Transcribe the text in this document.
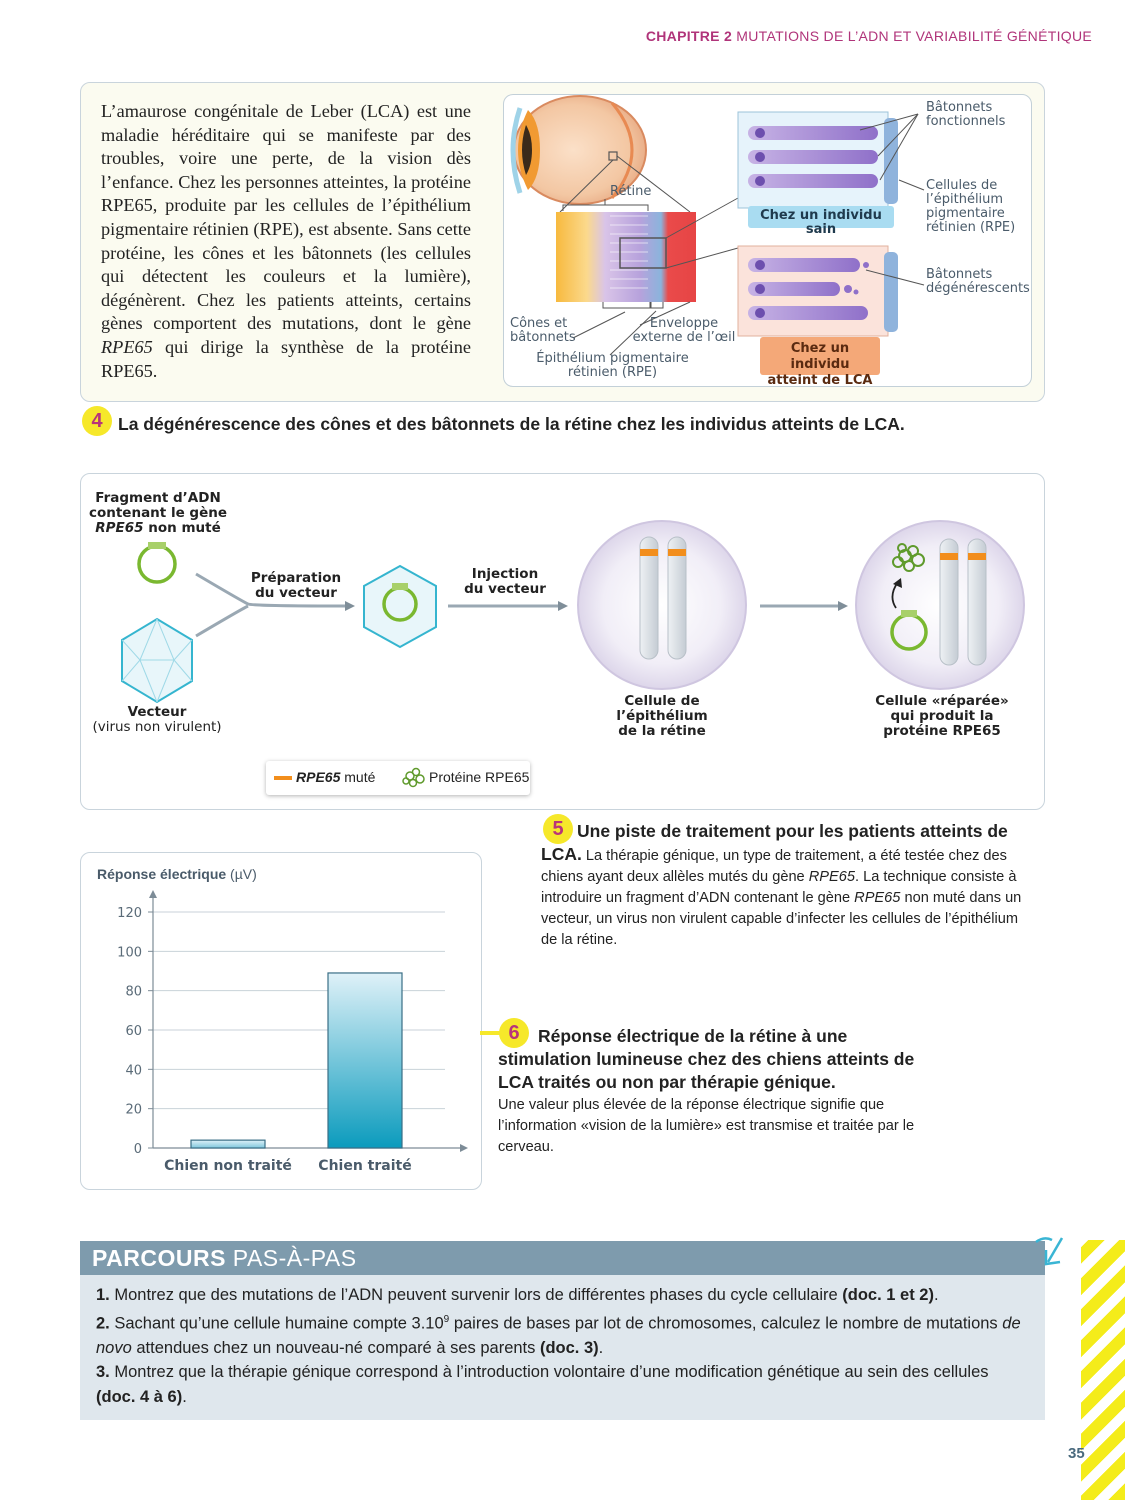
CHAPITRE 2 MUTATIONS DE L’ADN ET VARIABILITÉ GÉNÉTIQUE

L’amaurose congénitale de Leber (LCA) est une maladie héréditaire qui se manifeste par des troubles, voire une perte, de la vision dès l’enfance. Chez les personnes atteintes, la protéine RPE65, produite par les cellules de l’épithélium pigmentaire rétinien (RPE), est absente. Sans cette protéine, les cônes et les bâtonnets (les cellules qui détectent les couleurs et la lumière), dégénèrent. Chez les patients atteints, certains gènes comportent des mutations, dont le gène RPE65 qui dirige la synthèse de la protéine RPE65.

Rétine
Cônes et
bâtonnets
Enveloppe
externe de l’œil
Épithélium pigmentaire
rétinien (RPE)
Bâtonnets
fonctionnels
Cellules de
l’épithélium
pigmentaire
rétinien (RPE)
Bâtonnets
dégénérescents
Chez un individu sain
Chez un individu
atteint de LCA
4 La dégénérescence des cônes et des bâtonnets de la rétine chez les individus atteints de LCA.
RPE65 muté	Protéine RPE65
Fragment d’ADN
contenant le gène
RPE65 non muté
Préparation
du vecteur
Injection
du vecteur
Vecteur
(virus non virulent)
Cellule de
l’épithélium
de la rétine
Cellule «réparée»
qui produit la
protéine RPE65
5 Une piste de traitement pour les patients atteints de LCA. La thérapie génique, un type de traitement, a été testée chez des chiens ayant deux allèles mutés du gène RPE65. La technique consiste à introduire un fragment d’ADN contenant le gène RPE65 non muté dans un vecteur, un virus non virulent capable d’infecter les cellules de l’épithélium de la rétine.
Réponse électrique (µV)
0
20
40
60
80
100
120
Chien non traité Chien traité
6	Réponse électrique de la rétine à une stimulation lumineuse chez des chiens atteints de LCA traités ou non par thérapie génique.
Une valeur plus élevée de la réponse électrique signifie que l’information «vision de la lumière» est transmise et traitée par le cerveau.
PARCOURS PAS-À-PAS

1. Montrez que des mutations de l’ADN peuvent survenir lors de différentes phases du cycle cellulaire (doc. 1 et 2).

2. Sachant qu’une cellule humaine compte 3.10$^9$ paires de bases par lot de chromosomes, calculez le nombre de mutations de novo attendues chez un nouveau-né comparé à ses parents (doc. 3).

3. Montrez que la thérapie génique correspond à l’introduction volontaire d’une modification génétique au sein des cellules (doc. 4 à 6).

35
